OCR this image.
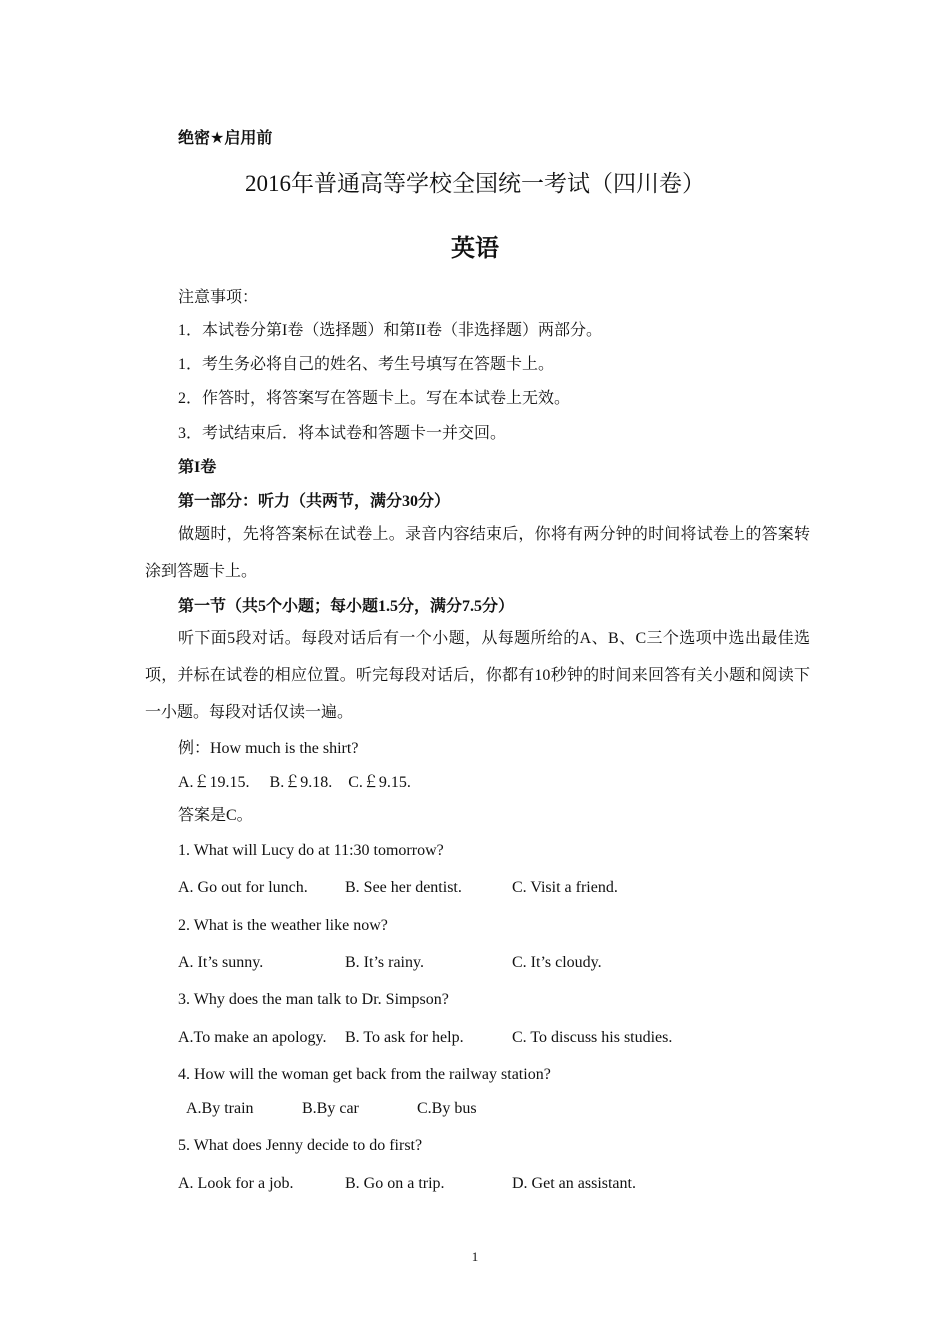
绝密★启用前
2016年普通高等学校全国统一考试（四川卷）
英语
注意事项：
1．本试卷分第I卷（选择题）和第II卷（非选择题）两部分。
1．考生务必将自己的姓名、考生号填写在答题卡上。
2．作答时，将答案写在答题卡上。写在本试卷上无效。
3．考试结束后．将本试卷和答题卡一并交回。
第I卷
第一部分：听力（共两节，满分30分）
做题时，先将答案标在试卷上。录音内容结束后，你将有两分钟的时间将试卷上的答案转涂到答题卡上。
第一节（共5个小题；每小题1.5分，满分7.5分）
听下面5段对话。每段对话后有一个小题，从每题所给的A、B、C三个选项中选出最佳选项，并标在试卷的相应位置。听完每段对话后，你都有10秒钟的时间来回答有关小题和阅读下一小题。每段对话仅读一遍。
例：How much is the shirt?
A.￡19.15.     B.￡9.18.    C.￡9.15.
答案是C。
1. What will Lucy do at 11:30 tomorrow?
A. Go out for lunch. B. See her dentist.	C. Visit a friend.
2. What is the weather like now?
A. It’s sunny.	B. It’s rainy.	C. It’s cloudy.
3. Why does the man talk to Dr. Simpson?
A.To make an apology. B. To ask for help.	C. To discuss his studies.
4. How will the woman get back from the railway station?
A.By train	B.By car	C.By bus
5. What does Jenny decide to do first?
A. Look for a job.	B. Go on a trip.	D. Get an assistant.
1
